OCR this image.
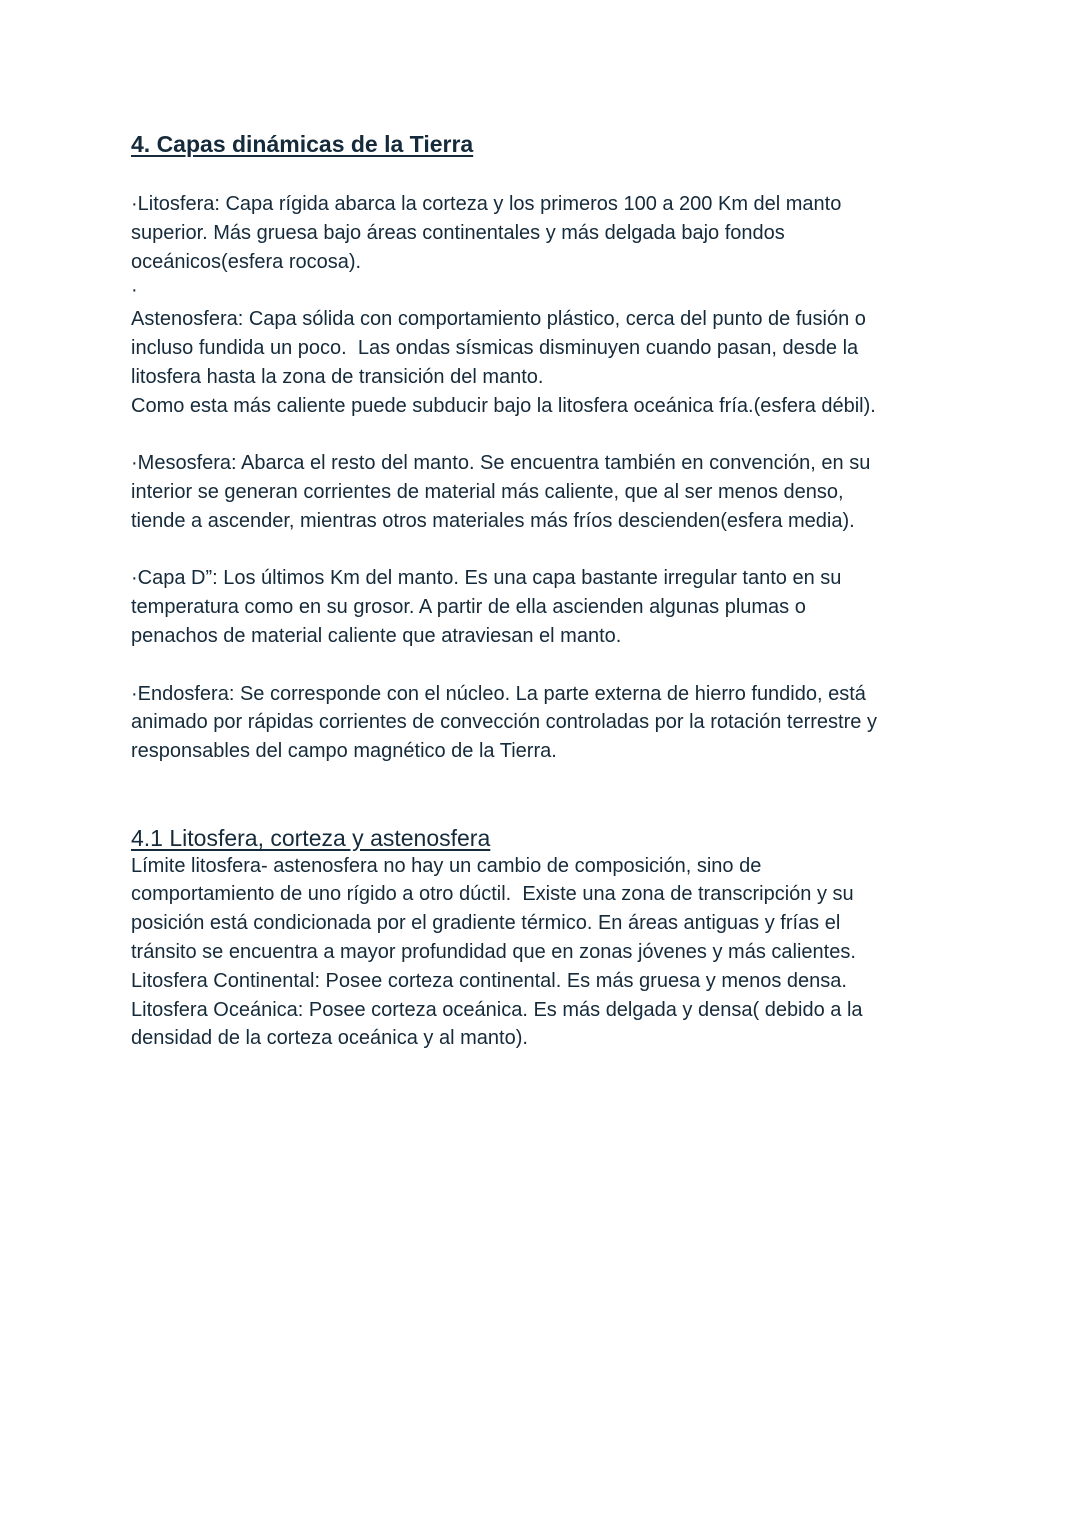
4. Capas dinámicas de la Tierra

·Litosfera: Capa rígida abarca la corteza y los primeros 100 a 200 Km del manto
superior. Más gruesa bajo áreas continentales y más delgada bajo fondos
oceánicos(esfera rocosa).
·

Astenosfera: Capa sólida con comportamiento plástico, cerca del punto de fusión o
incluso fundida un poco.  Las ondas sísmicas disminuyen cuando pasan, desde la
litosfera hasta la zona de transición del manto.
Como esta más caliente puede subducir bajo la litosfera oceánica fría.(esfera débil).

·Mesosfera: Abarca el resto del manto. Se encuentra también en convención, en su
interior se generan corrientes de material más caliente, que al ser menos denso,
tiende a ascender, mientras otros materiales más fríos descienden(esfera media).

·Capa D”: Los últimos Km del manto. Es una capa bastante irregular tanto en su
temperatura como en su grosor. A partir de ella ascienden algunas plumas o
penachos de material caliente que atraviesan el manto.

·Endosfera: Se corresponde con el núcleo. La parte externa de hierro fundido, está
animado por rápidas corrientes de convección controladas por la rotación terrestre y
responsables del campo magnético de la Tierra.

4.1 Litosfera, corteza y astenosfera

Límite litosfera- astenosfera no hay un cambio de composición, sino de
comportamiento de uno rígido a otro dúctil.  Existe una zona de transcripción y su
posición está condicionada por el gradiente térmico. En áreas antiguas y frías el
tránsito se encuentra a mayor profundidad que en zonas jóvenes y más calientes.
Litosfera Continental: Posee corteza continental. Es más gruesa y menos densa.
Litosfera Oceánica: Posee corteza oceánica. Es más delgada y densa( debido a la
densidad de la corteza oceánica y al manto).
